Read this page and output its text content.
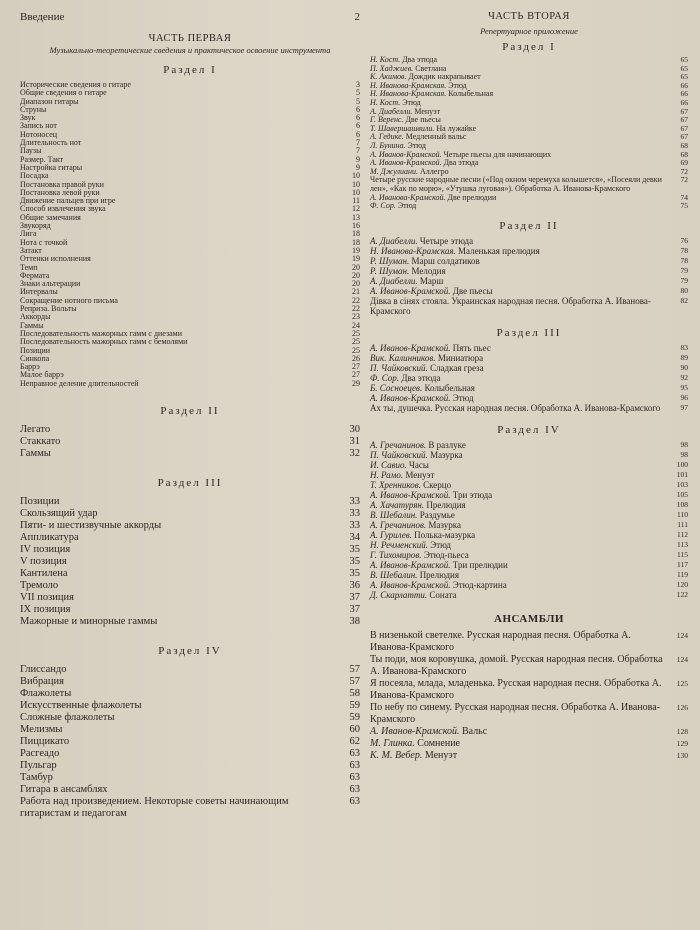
Введение	2
ЧАСТЬ ПЕРВАЯ
Музыкально-теоретические сведения и практическое освоение инструмента
Раздел I
Исторические сведения о гитаре	3
Общие сведения о гитаре	5
Диапазон гитары	5
Струны	6
Звук	6
Запись нот	6
Нотоносец	6
Длительность нот	7
Паузы	7
Размер. Такт	9
Настройка гитары	9
Посадка	10
Постановка правой руки	10
Постановка левой руки	10
Движение пальцев при игре	11
Способ извлечения звука	12
Общие замечания	13
Звукоряд	16
Лига	18
Нота с точкой	18
Затакт	19
Оттенки исполнения	19
Темп	20
Фермата	20
Знаки альтерации	20
Интервалы	21
Сокращение нотного письма	22
Реприза. Вольты	22
Аккорды	23
Гаммы	24
Последовательность мажорных гамм с диезами	25
Последовательность мажорных гамм с бемолями	25
Позиции	25
Синкопа	26
Баррэ	27
Малое баррэ	27
Неправное деление длительностей	29
Раздел II
Легато	30
Стаккато	31
Гаммы	32
Раздел III
Позиции	33
Скользящий удар	33
Пяти- и шестизвучные аккорды	33
Аппликатура	34
IV позиция	35
V позиция	35
Кантилена	35
Тремоло	36
VII позиция	37
IX позиция	37
Мажорные и минорные гаммы	38
Раздел IV
Глиссандо	57
Вибрация	57
Флажолеты	58
Искусственные флажолеты	59
Сложные флажолеты	59
Мелизмы	60
Пиццикато	62
Расгеадо	63
Пульгар	63
Тамбур	63
Гитара в ансамблях	63
Работа над произведением. Некоторые советы начинающим гитаристам и педагогам
63
ЧАСТЬ ВТОРАЯ
Репертуарное приложение
Раздел I
Н. Кост. Два этюда	65
П. Хаджиев. Светлана	65
К. Акимов. Дождик накрапывает	65
Н. Иванова-Крамская. Этюд	66
Н. Иванова-Крамская. Колыбельная	66
Н. Кост. Этюд	66
А. Диабелли. Менуэт	67
Г. Веренс. Две пьесы	67
Т. Шавершашвили. На лужайке	67
А. Гедике. Медленный вальс	67
Л. Бунина. Этюд	68
А. Иванов-Крамской. Четыре пьесы для начинающих	68
А. Иванов-Крамской. Два этюда	69
М. Джулиани. Аллегро	72
Четыре русские народные песни («Под окном черемуха колышется», «Посеяли девки лен», «Как по морю», «Утушка луговая»). Обработка А. Иванова-Крамского
72
А. Иванова-Крамской. Две прелюдии	74
Ф. Сор. Этюд	75
Раздел II
А. Диабелли. Четыре этюда	76
Н. Иванова-Крамская. Маленькая прелюдия	78
Р. Шуман. Марш солдатиков	78
Р. Шуман. Мелодия	79
А. Диабелли. Марш	79
А. Иванов-Крамской. Две пьесы	80
Дiвка в сiнях стояла. Украинская народная песня. Обработка А. Иванова-Крамского
82
Раздел III
А. Иванов-Крамской. Пять пьес	83
Вик. Калинников. Миниатюра	89
П. Чайковский. Сладкая греза	90
Ф. Сор. Два этюда	92
Б. Сосноецев. Колыбельная	95
А. Иванов-Крамской. Этюд	96
Ах ты, душечка. Русская народная песня. Обработка А. Иванова-Крамского	97
Раздел IV
А. Гречанинов. В разлуке	98
П. Чайковский. Мазурка	98
И. Савио. Часы	100
Н. Рамо. Менуэт	101
Т. Хренников. Скерцо	103
А. Иванов-Крамской. Три этюда	105
А. Хачатурян. Прелюдия	108
В. Шебалин. Раздумье	110
А. Гречанинов. Мазурка	111
А. Гурилев. Полька-мазурка	112
Н. Речменский. Этюд	113
Г. Тихомиров. Этюд-пьеса	115
А. Иванов-Крамской. Три прелюдии	117
В. Шебалин. Прелюдия	119
А. Иванов-Крамской. Этюд-картина	120
Д. Скарлатти. Соната	122
АНСАМБЛИ
В низенькой светелке. Русская народная песня. Обработка А. Иванова-Крамского
124
Ты поди, моя коровушка, домой. Русская народная песня. Обработка А. Иванова-Крамского
124
Я посеяла, млада, младенька. Русская народная песня. Обработка А. Иванова-Крамского
125
По небу по синему. Русская народная песня. Обработка А. Иванова-Крамского
126
А. Иванов-Крамской. Вальс	128
М. Глинка. Сомнение	129
К. М. Вебер. Менуэт	130
